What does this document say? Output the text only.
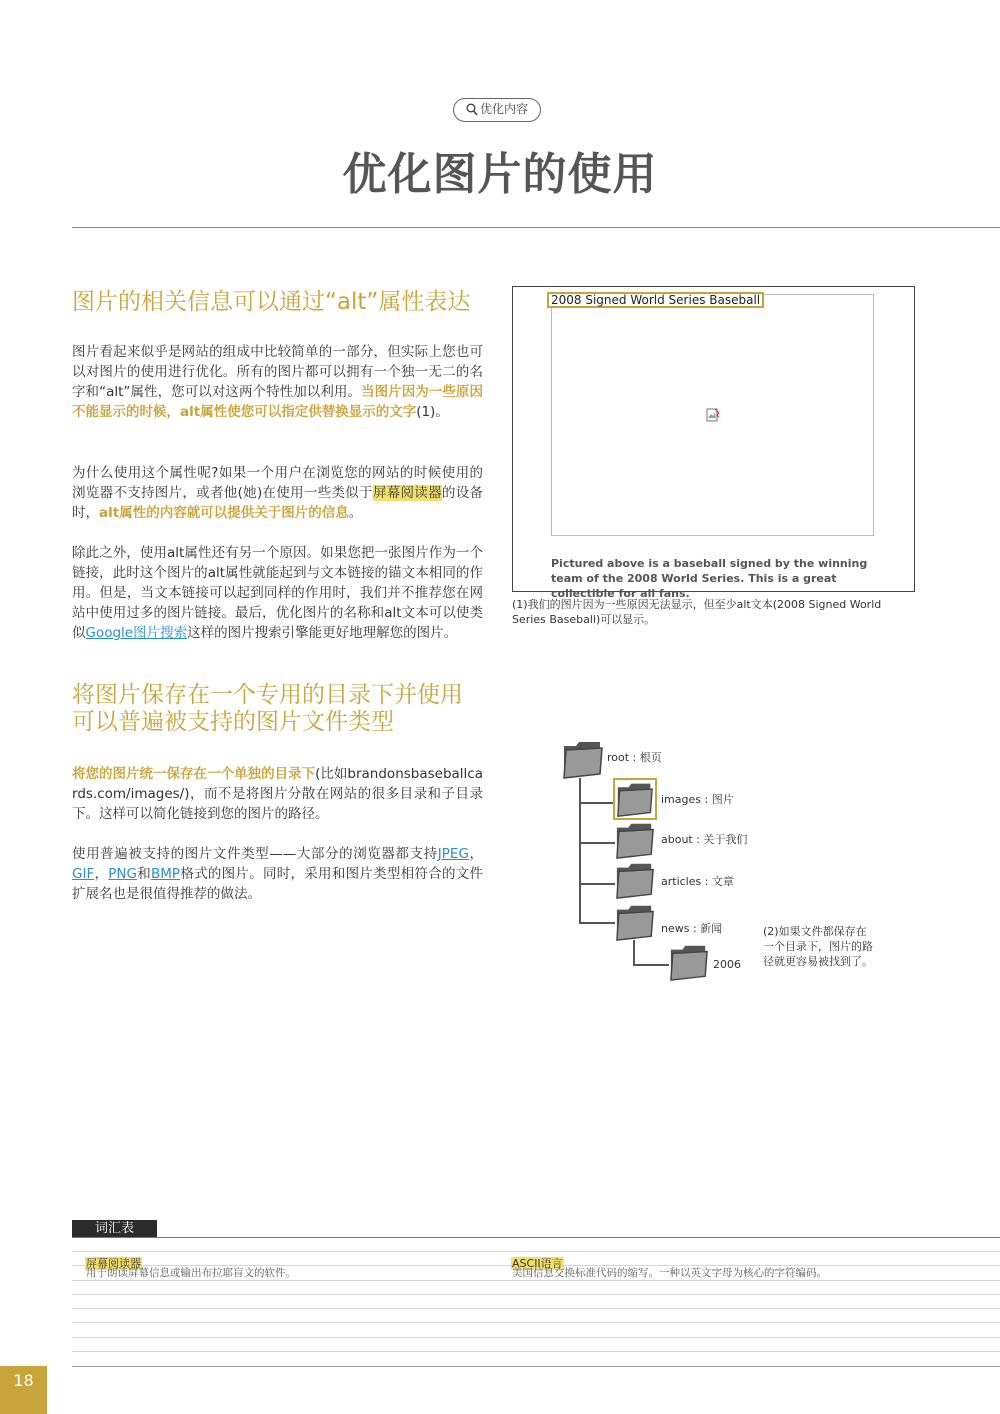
优化内容
优化图片的使用
图片的相关信息可以通过“alt”属性表达

图片看起来似乎是网站的组成中比较简单的一部分，但实际上您也可以对图片的使用进行优化。所有的图片都可以拥有一个独一无二的名字和“alt”属性，您可以对这两个特性加以利用。当图片因为一些原因不能显示的时候，alt属性使您可以指定供替换显示的文字(1)。

为什么使用这个属性呢?如果一个用户在浏览您的网站的时候使用的浏览器不支持图片，或者他(她)在使用一些类似于屏幕阅读器的设备时，alt属性的内容就可以提供关于图片的信息。

除此之外，使用alt属性还有另一个原因。如果您把一张图片作为一个链接，此时这个图片的alt属性就能起到与文本链接的锚文本相同的作用。但是，当文本链接可以起到同样的作用时，我们并不推荐您在网站中使用过多的图片链接。最后，优化图片的名称和alt文本可以使类似Google图片搜索这样的图片搜索引擎能更好地理解您的图片。

将图片保存在一个专用的目录下并使用
可以普遍被支持的图片文件类型

将您的图片统一保存在一个单独的目录下(比如brandonsbaseballcards.com/images/)，而不是将图片分散在网站的很多目录和子目录下。这样可以简化链接到您的图片的路径。

使用普遍被支持的图片文件类型——大部分的浏览器都支持JPEG，GIF，PNG和BMP格式的图片。同时，采用和图片类型相符合的文件扩展名也是很值得推荐的做法。

2008 Signed World Series Baseball
Pictured above is a baseball signed by the winning team of the 2008 World Series. This is a great collectible for all fans.
(1)我们的图片因为一些原因无法显示，但至少alt文本(2008 Signed World Series Baseball)可以显示。
root : 根页
images : 图片
about : 关于我们
articles : 文章
news : 新闻
2006
(2)如果文件都保存在一个目录下，图片的路径就更容易被找到了。
词汇表
屏幕阅读器
用于朗读屏幕信息或输出布拉耶盲文的软件。
ASCII语言
美国信息交换标准代码的缩写。一种以英文字母为核心的字符编码。
18
